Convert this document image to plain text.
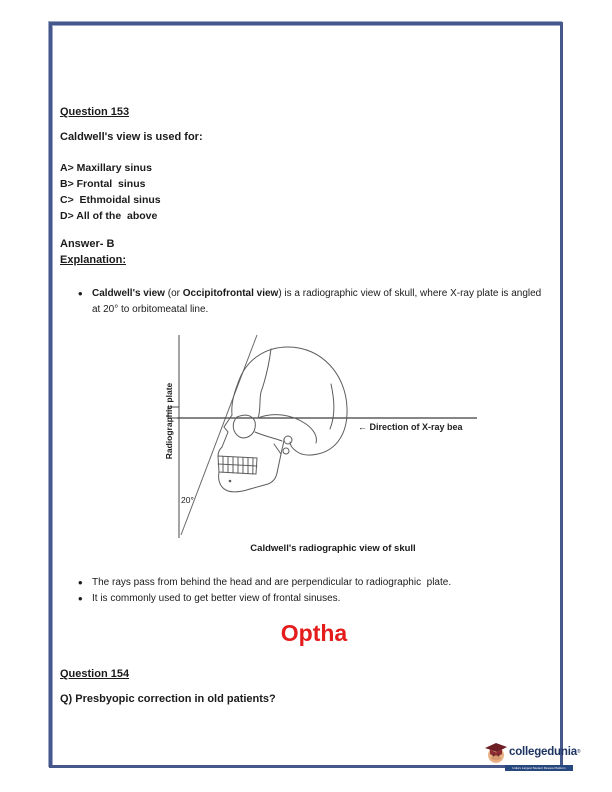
Question 153
Caldwell's view is used for:
A> Maxillary sinus
B> Frontal  sinus
C>  Ethmoidal sinus
D> All of the  above
Answer- B
Explanation:
•
Caldwell's view (or Occipitofrontal view) is a radiographic view of skull, where X-ray plate is angled at 20° to orbitomeatal line.
Radiographic plate
20°
← Direction of X-ray bea
Caldwell's radiographic view of skull
•
The rays pass from behind the head and are perpendicular to radiographic  plate.
•
It is commonly used to get better view of frontal sinuses.
Optha
Question 154
Q) Presbyopic correction in old patients?
collegedunia ®
India's Largest Student Review Platform
